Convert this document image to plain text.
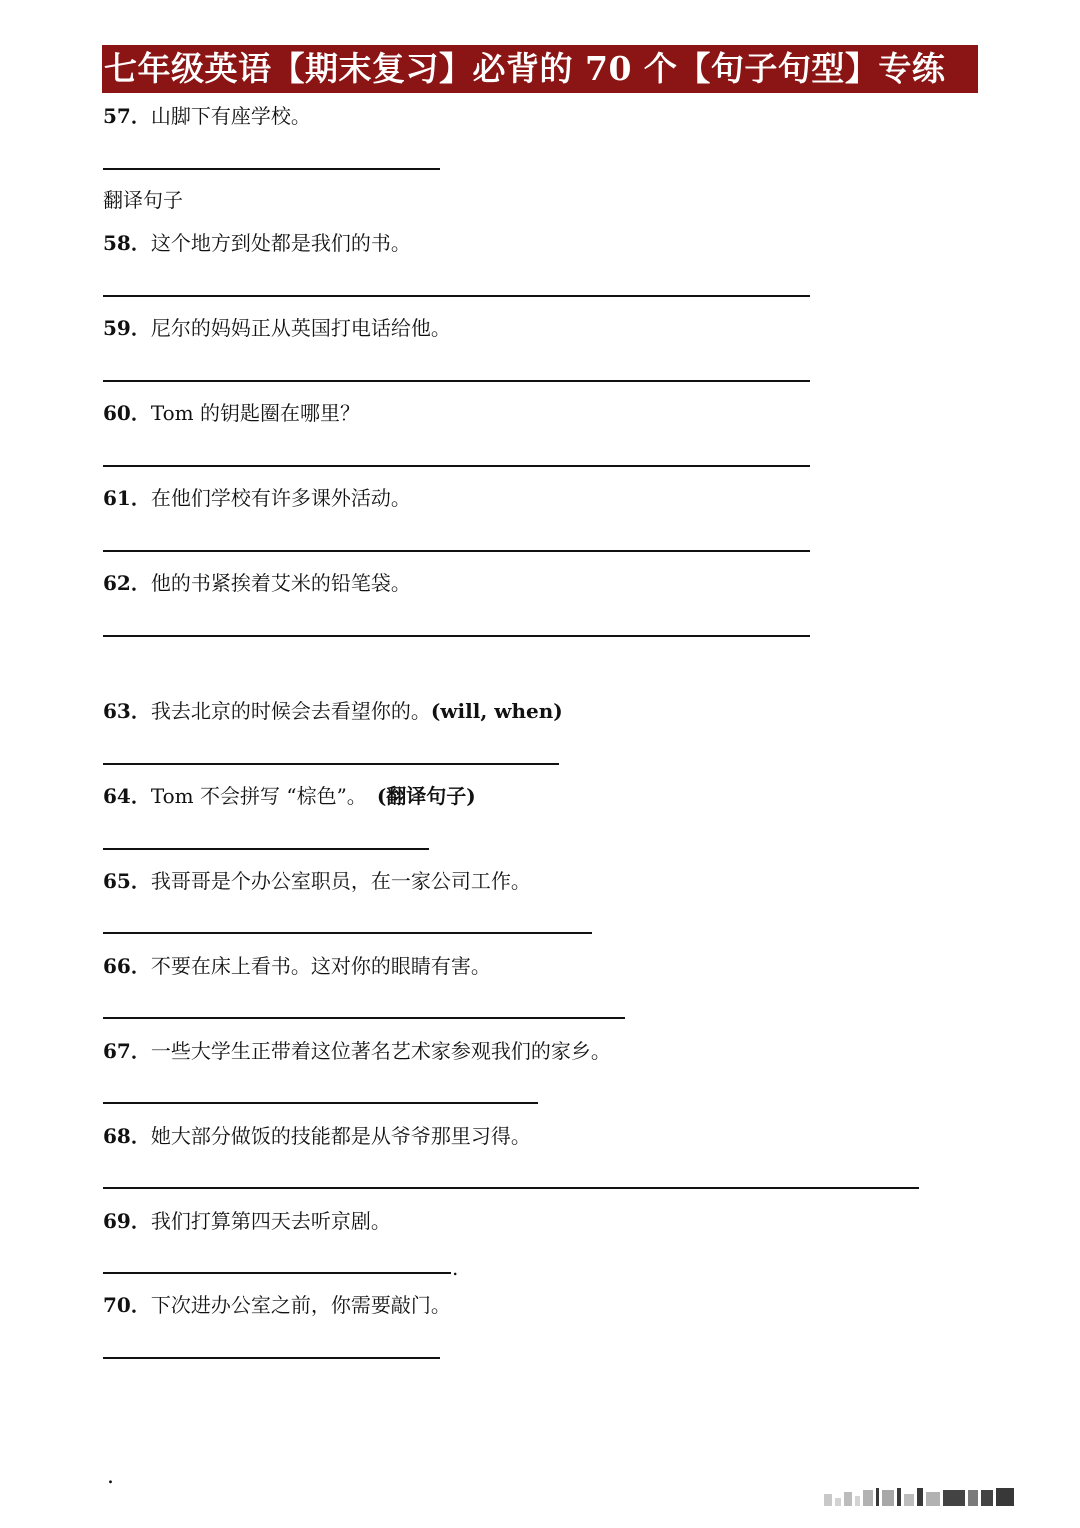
七年级英语【期末复习】必背的 70 个【句子句型】专练
57．山脚下有座学校。
翻译句子
58．这个地方到处都是我们的书。
59．尼尔的妈妈正从英国打电话给他。
60．Tom 的钥匙圈在哪里？
61．在他们学校有许多课外活动。
62．他的书紧挨着艾米的铅笔袋。
63．我去北京的时候会去看望你的。(will, when)
64．Tom 不会拼写 “棕色”。 (翻译句子)
65．我哥哥是个办公室职员，在一家公司工作。
66．不要在床上看书。这对你的眼睛有害。
67．一些大学生正带着这位著名艺术家参观我们的家乡。
68．她大部分做饭的技能都是从爷爷那里习得。
69．我们打算第四天去听京剧。
.
70．下次进办公室之前，你需要敲门。
.
